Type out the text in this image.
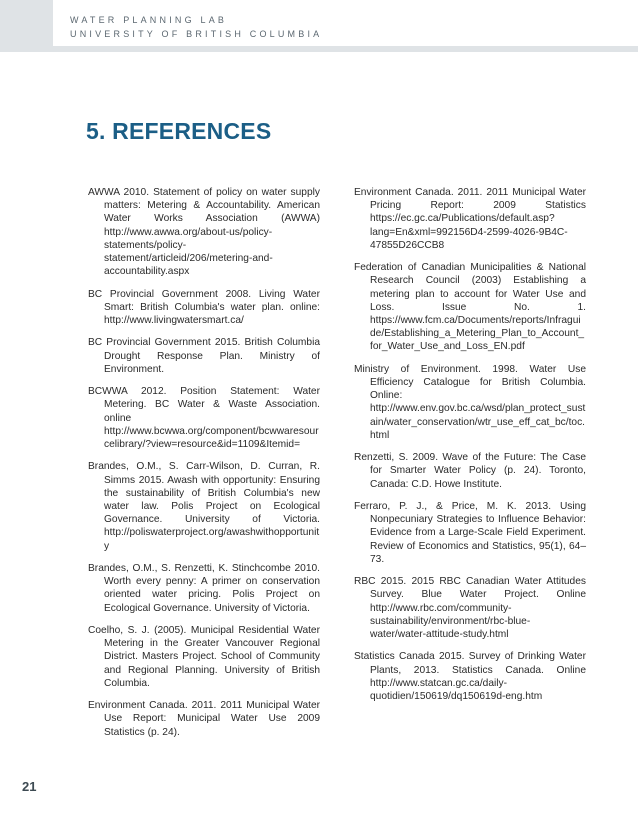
WATER PLANNING LAB
UNIVERSITY OF BRITISH COLUMBIA
5. REFERENCES

AWWA 2010. Statement of policy on water supply matters: Metering & Accountability. American Water Works Association (AWWA) http://www.awwa.org/about-us/policy-statements/policy-statement/articleid/206/metering-and-accountability.aspx

BC Provincial Government 2008. Living Water Smart: British Columbia's water plan. online: http://www.livingwatersmart.ca/

BC Provincial Government 2015. British Columbia Drought Response Plan. Ministry of Environment.

BCWWA 2012. Position Statement: Water Metering. BC Water & Waste Association. online http://www.bcwwa.org/component/bcwwaresourcelibrary/?view=resource&id=1109&Itemid=

Brandes, O.M., S. Carr-Wilson, D. Curran, R. Simms 2015. Awash with opportunity: Ensuring the sustainability of British Columbia's new water law. Polis Project on Ecological Governance. University of Victoria. http://poliswaterproject.org/awashwithopportunity

Brandes, O.M., S. Renzetti, K. Stinchcombe 2010. Worth every penny: A primer on conservation oriented water pricing. Polis Project on Ecological Governance. University of Victoria.

Coelho, S. J. (2005). Municipal Residential Water Metering in the Greater Vancouver Regional District. Masters Project. School of Community and Regional Planning. University of British Columbia.

Environment Canada. 2011. 2011 Municipal Water Use Report: Municipal Water Use 2009 Statistics (p. 24).

Environment Canada. 2011. 2011 Municipal Water Pricing Report: 2009 Statistics https://ec.gc.ca/Publications/default.asp?lang=En&xml=992156D4-2599-4026-9B4C-47855D26CCB8

Federation of Canadian Municipalities & National Research Council (2003) Establishing a metering plan to account for Water Use and Loss. Issue No. 1. https://www.fcm.ca/Documents/reports/Infraguide/Establishing_a_Metering_Plan_to_Account_for_Water_Use_and_Loss_EN.pdf

Ministry of Environment. 1998. Water Use Efficiency Catalogue for British Columbia. Online: http://www.env.gov.bc.ca/wsd/plan_protect_sustain/water_conservation/wtr_use_eff_cat_bc/toc.html

Renzetti, S. 2009. Wave of the Future: The Case for Smarter Water Policy (p. 24). Toronto, Canada: C.D. Howe Institute.

Ferraro, P. J., & Price, M. K. 2013. Using Nonpecuniary Strategies to Influence Behavior: Evidence from a Large-Scale Field Experiment. Review of Economics and Statistics, 95(1), 64–73.

RBC 2015. 2015 RBC Canadian Water Attitudes Survey. Blue Water Project. Online http://www.rbc.com/community-sustainability/environment/rbc-blue-water/water-attitude-study.html

Statistics Canada 2015. Survey of Drinking Water Plants, 2013. Statistics Canada. Online http://www.statcan.gc.ca/daily-quotidien/150619/dq150619d-eng.htm

21
